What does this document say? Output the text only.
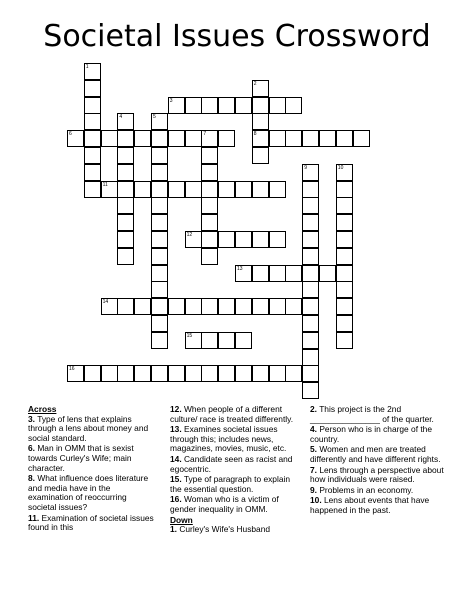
Societal Issues Crossword
1
2
8
3
4	5
6	7
9	10
11
12
13
14
15
16
Across
3. Type of lens that explains through a lens about money and social standard.
6. Man in OMM that is sexist towards Curley's Wife; main character.
8. What influence does literature and media have in the examination of reoccurring societal issues?
11. Examination of societal issues found in this
12. When people of a different culture/ race is treated differently.
13. Examines societal issues through this; includes news, magazines, movies, music, etc.
14. Candidate seen as racist and egocentric.
15. Type of paragraph to explain the essential question.
16. Woman who is a victim of gender inequality in OMM.
Down
1. Curley's Wife's Husband
2. This project is the 2nd _______________ of the quarter.
4. Person who is in charge of the country.
5. Women and men are treated differently and have different rights.
7. Lens through a perspective about how individuals were raised.
9. Problems in an economy.
10. Lens about events that have happened in the past.
